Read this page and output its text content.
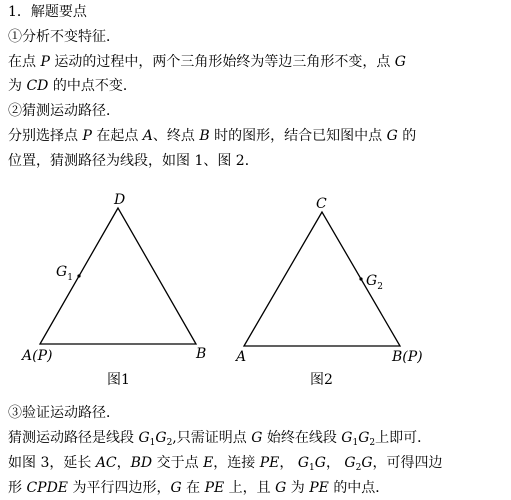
1．解题要点
①分析不变特征．
在点 P 运动的过程中，两个三角形始终为等边三角形不变，点 G
为 CD 的中点不变．
②猜测运动路径．
分别选择点 P 在起点 A、终点 B 时的图形，结合已知图中点 G 的
位置，猜测路径为线段，如图 1、图 2．
D
$G_1$
A(P)	B
图1
C
$G_2$
A	B(P)
图2
③验证运动路径．
猜测运动路径是线段 $G_1G_2$,只需证明点 G 始终在线段 $G_1G_2$上即可．
如图 3，延长 AC，BD 交于点 E，连接 PE， $G_1G$， $G_2G$，可得四边
形 CPDE 为平行四边形，G 在 PE 上，且 G 为 PE 的中点．
